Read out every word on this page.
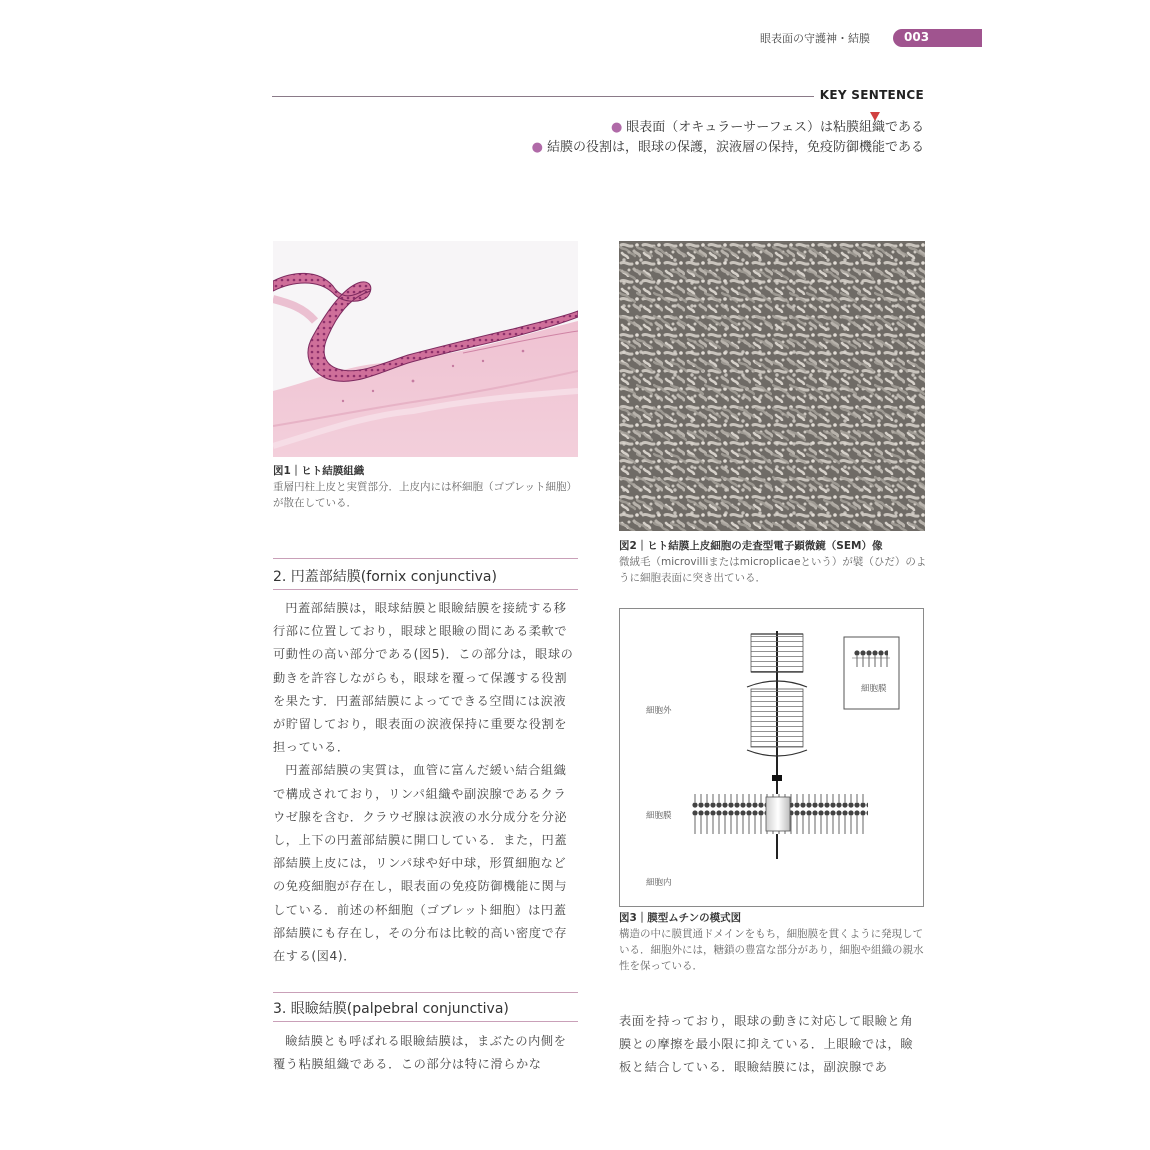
眼表面の守護神・結膜	003
KEY SENTENCE
● 眼表面（オキュラーサーフェス）は粘膜組織である
● 結膜の役割は，眼球の保護，涙液層の保持，免疫防御機能である
図1｜ヒト結膜組織
重層円柱上皮と実質部分．上皮内には杯細胞（ゴブレット細胞）が散在している．
図2｜ヒト結膜上皮細胞の走査型電子顕微鏡（SEM）像
微絨毛（microvilliまたはmicroplicaeという）が襞（ひだ）のように細胞表面に突き出ている．
細胞外
細胞膜
細胞内
細胞膜
図3｜膜型ムチンの模式図
構造の中に膜貫通ドメインをもち，細胞膜を貫くように発現している．細胞外には，糖鎖の豊富な部分があり，細胞や組織の親水性を保っている．
2. 円蓋部結膜(fornix conjunctiva)

円蓋部結膜は，眼球結膜と眼瞼結膜を接続する移行部に位置しており，眼球と眼瞼の間にある柔軟で可動性の高い部分である(図5)．この部分は，眼球の動きを許容しながらも，眼球を覆って保護する役割を果たす．円蓋部結膜によってできる空間には涙液が貯留しており，眼表面の涙液保持に重要な役割を担っている．

円蓋部結膜の実質は，血管に富んだ緩い結合組織で構成されており，リンパ組織や副涙腺であるクラウゼ腺を含む．クラウゼ腺は涙液の水分成分を分泌し，上下の円蓋部結膜に開口している．また，円蓋部結膜上皮には，リンパ球や好中球，形質細胞などの免疫細胞が存在し，眼表面の免疫防御機能に関与している．前述の杯細胞（ゴブレット細胞）は円蓋部結膜にも存在し，その分布は比較的高い密度で存在する(図4)．

3. 眼瞼結膜(palpebral conjunctiva)

瞼結膜とも呼ばれる眼瞼結膜は，まぶたの内側を覆う粘膜組織である．この部分は特に滑らかな

表面を持っており，眼球の動きに対応して眼瞼と角膜との摩擦を最小限に抑えている．上眼瞼では，瞼板と結合している．眼瞼結膜には，副涙腺であ
